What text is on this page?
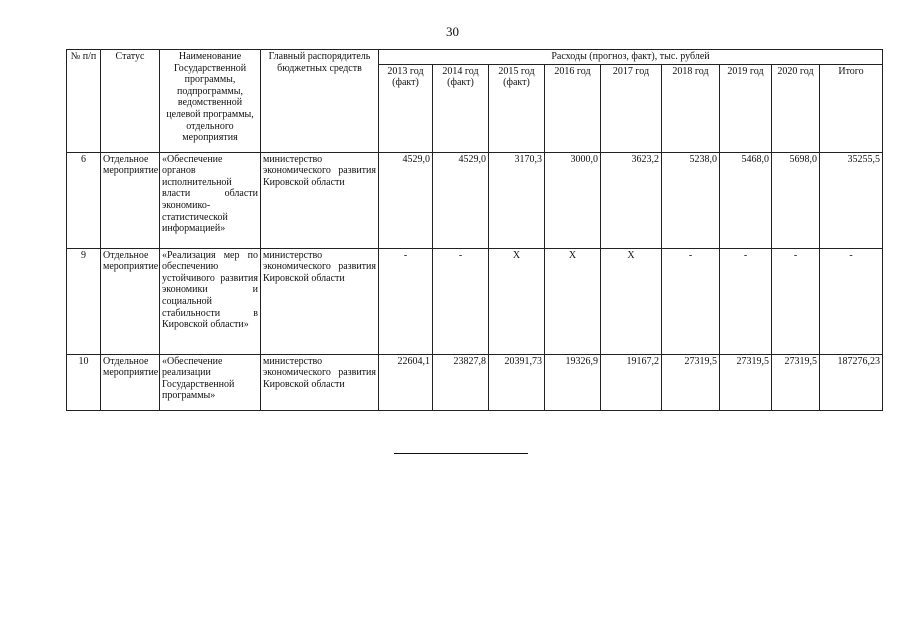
30
№ п/п	Статус	Наименование Государственной программы, подпрограммы, ведомственной целевой программы, отдельного мероприятия	Главный распорядитель бюджетных средств	Расходы (прогноз, факт), тыс. рублей								
				2013 год (факт)	2014 год (факт)	2015 год (факт)	2016 год	2017 год	2018 год	2019 год	2020 год	Итого
6	Отдельное мероприятие	«Обеспечение органов исполнительной власти области экономико-статистической информацией»	министерство экономического развития Кировской области	4529,0	4529,0	3170,3	3000,0	3623,2	5238,0	5468,0	5698,0	35255,5
9	Отдельное мероприятие	«Реализация мер по обеспечению устойчивого развития экономики и социальной стабильности в Кировской области»	министерство экономического развития Кировской области	-	-	X	X	X	-	-	-	-
10	Отдельное мероприятие	«Обеспечение реализации Государственной программы»	министерство экономического развития Кировской области	22604,1	23827,8	20391,73	19326,9	19167,2	27319,5	27319,5	27319,5	187276,23
